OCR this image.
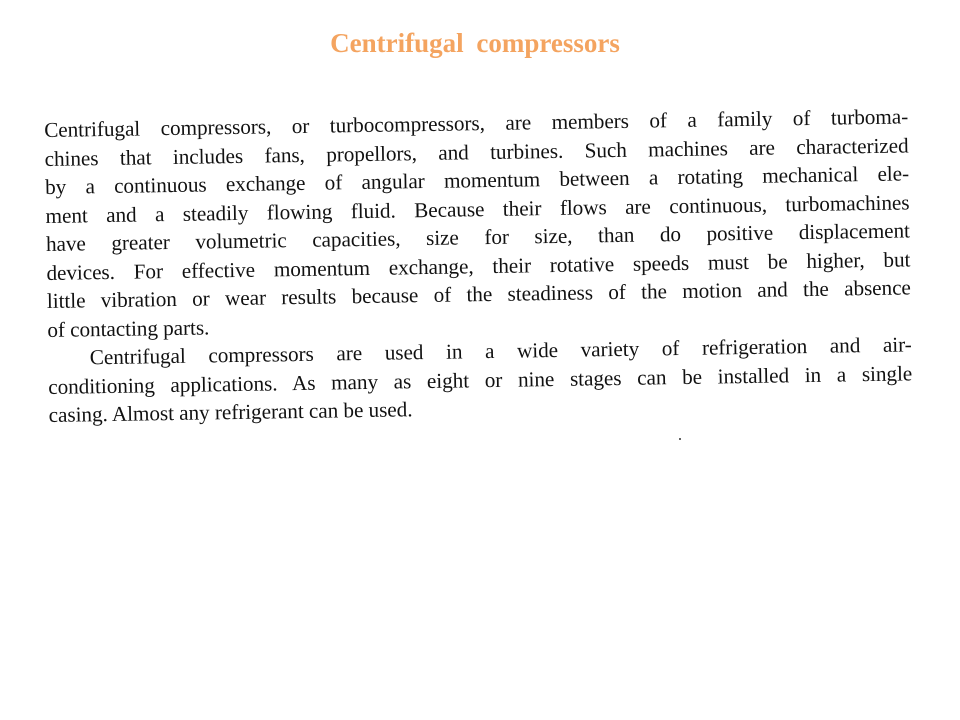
Centrifugal compressors
Centrifugal compressors, or turbocompressors, are members of a family of turboma-
chines that includes fans, propellors, and turbines. Such machines are characterized
by a continuous exchange of angular momentum between a rotating mechanical ele-
ment and a steadily flowing fluid. Because their flows are continuous, turbomachines
have greater volumetric capacities, size for size, than do positive displacement
devices. For effective momentum exchange, their rotative speeds must be higher, but
little vibration or wear results because of the steadiness of the motion and the absence
of contacting parts.
Centrifugal compressors are used in a wide variety of refrigeration and air-
conditioning applications. As many as eight or nine stages can be installed in a single
casing. Almost any refrigerant can be used.
